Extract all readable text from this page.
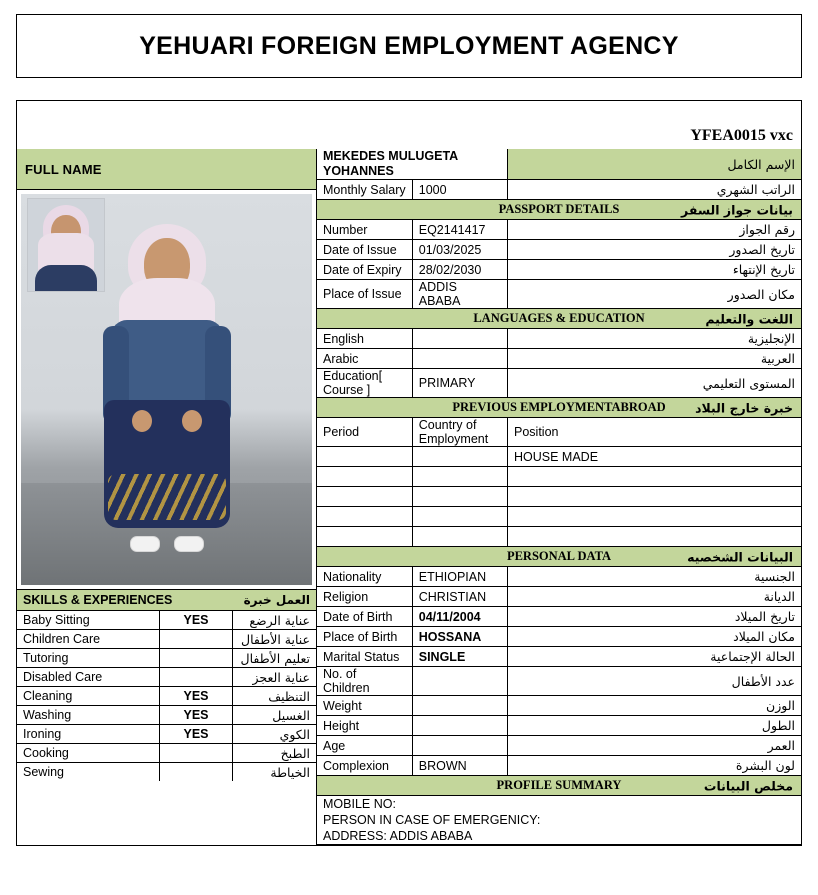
YEHUARI FOREIGN EMPLOYMENT AGENCY
YFEA0015 vxc
FULL NAME
SKILLS & EXPERIENCES	العمل خبرة
Baby Sitting	YES	عناية الرضع
Children Care		عناية الأطفال
Tutoring		تعليم الأطفال
Disabled Care		عناية العجز
Cleaning	YES	التنظيف
Washing	YES	الغسيل
Ironing	YES	الكوي
Cooking		الطبخ
Sewing		الخياطة
MEKEDES MULUGETA YOHANNES		الإسم الكامل
Monthly Salary	1000	الراتب الشهري
PASSPORT DETAILS بيانات جواز السفر		

Number	EQ2141417	رقم الجواز
Date of Issue	01/03/2025	تاريخ الصدور
Date of Expiry	28/02/2030	تاريخ الإنتهاء
Place of Issue	ADDIS ABABA	مكان الصدور
LANGUAGES & EDUCATION اللغت والتعليم		

English		الإنجليزية
Arabic		العربية
Education[ Course ]	PRIMARY	المستوى التعليمي
PREVIOUS EMPLOYMENTABROAD خبرة خارج البلاد		

Period	Country of Employment	Position
		HOUSE MADE

PERSONAL DATA البيانات الشخصيه		

Nationality	ETHIOPIAN	الجنسية
Religion	CHRISTIAN	الديانة
Date of Birth	04/11/2004	تاريخ الميلاد
Place of Birth	HOSSANA	مكان الميلاد
Marital Status	SINGLE	الحالة الإجتماعية
No. of Children		عدد الأطفال
Weight		الوزن
Height		الطول
Age		العمر
Complexion	BROWN	لون البشرة
PROFILE SUMMARY مخلص البيانات		

MOBILE NO:
PERSON IN CASE OF EMERGENICY:
ADDRESS: ADDIS ABABA		
